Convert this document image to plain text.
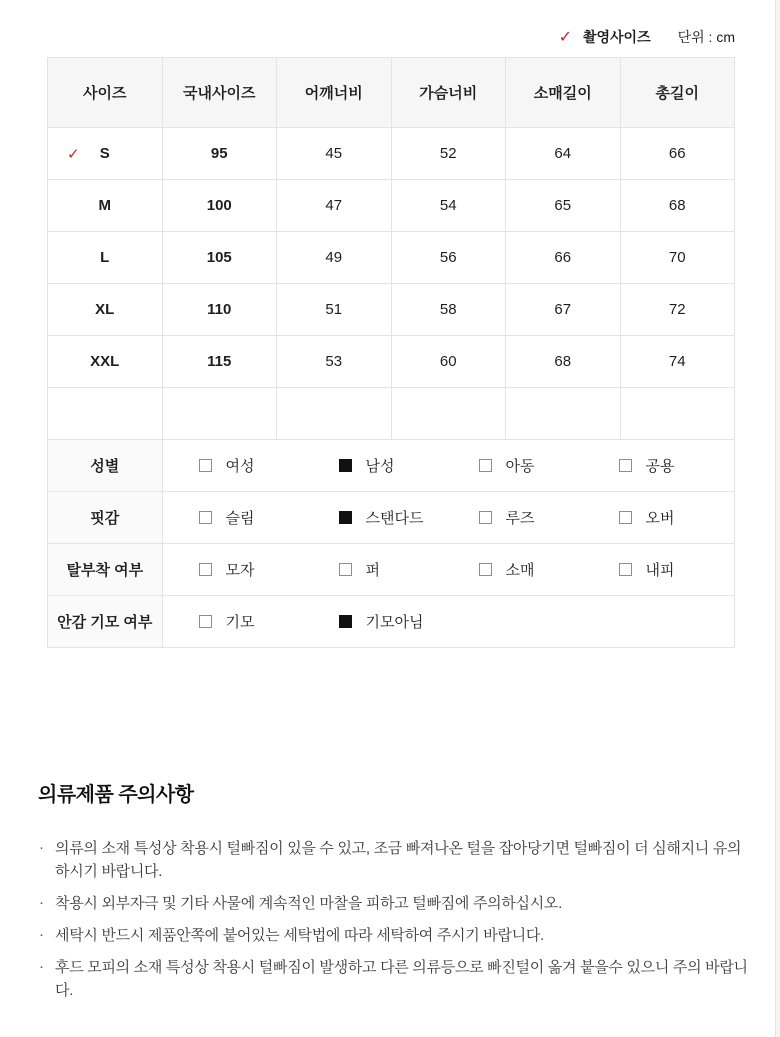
✓ 촬영사이즈 단위 : cm
사이즈	국내사이즈	어깨너비	가슴너비	소매길이	총길이

✓ S	95	45	52	64	66
M	100	47	54	65	68
L	105	49	56	66	70
XL	110	51	58	67	72
XXL	115	53	60	68	74

성별	여성 남성 아동 공용				

핏감	슬림 스탠다드 루즈 오버				

탈부착 여부	모자 퍼 소매 내피				

안감 기모 여부	기모 기모아님				
의류제품 주의사항
· 의류의 소재 특성상 착용시 털빠짐이 있을 수 있고, 조금 빠져나온 털을 잡아당기면 털빠짐이 더 심해지니 유의하시기 바랍니다.
· 착용시 외부자극 및 기타 사물에 계속적인 마찰을 피하고 털빠짐에 주의하십시오.
· 세탁시 반드시 제품안쪽에 붙어있는 세탁법에 따라 세탁하여 주시기 바랍니다.
· 후드 모피의 소재 특성상 착용시 털빠짐이 발생하고 다른 의류등으로 빠진털이 옮겨 붙을수 있으니 주의 바랍니다.
